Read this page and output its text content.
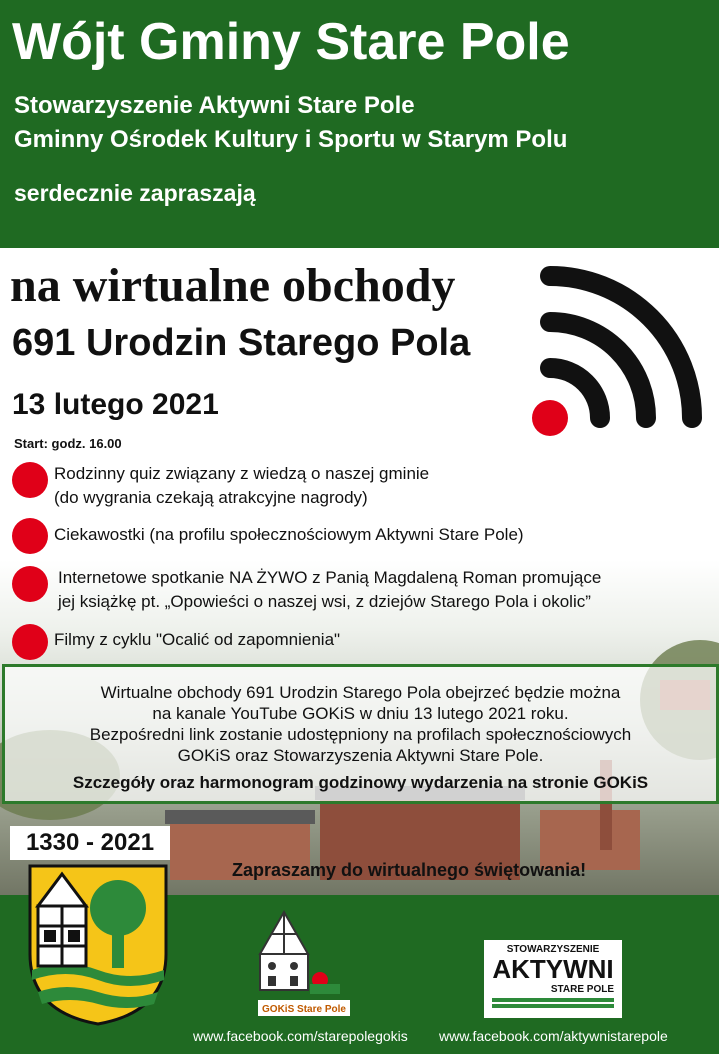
Wójt Gminy Stare Pole
Stowarzyszenie Aktywni Stare Pole
Gminny Ośrodek Kultury i Sportu w Starym Polu
serdecznie zapraszają
na wirtualne obchody
691 Urodzin Starego Pola
13 lutego 2021
Start: godz. 16.00
Rodzinny quiz związany z wiedzą o naszej gminie
(do wygrania czekają atrakcyjne nagrody)
Ciekawostki (na profilu społecznościowym Aktywni Stare Pole)
Internetowe spotkanie NA ŻYWO z Panią Magdaleną Roman promujące
jej książkę pt. „Opowieści o naszej wsi, z dziejów Starego Pola i okolic”
Filmy z cyklu "Ocalić od zapomnienia"
Wirtualne obchody 691 Urodzin Starego Pola obejrzeć będzie można
na kanale YouTube GOKiS w dniu 13 lutego 2021 roku.
Bezpośredni link zostanie udostępniony na profilach społecznościowych
GOKiS oraz Stowarzyszenia Aktywni Stare Pole.
Szczegóły oraz harmonogram godzinowy wydarzenia na stronie GOKiS
1330 - 2021
Zapraszamy do wirtualnego świętowania!
GOKiS Stare Pole
STOWARZYSZENIE
AKTYWNI
STARE POLE
www.facebook.com/starepolegokis www.facebook.com/aktywnistarepole
